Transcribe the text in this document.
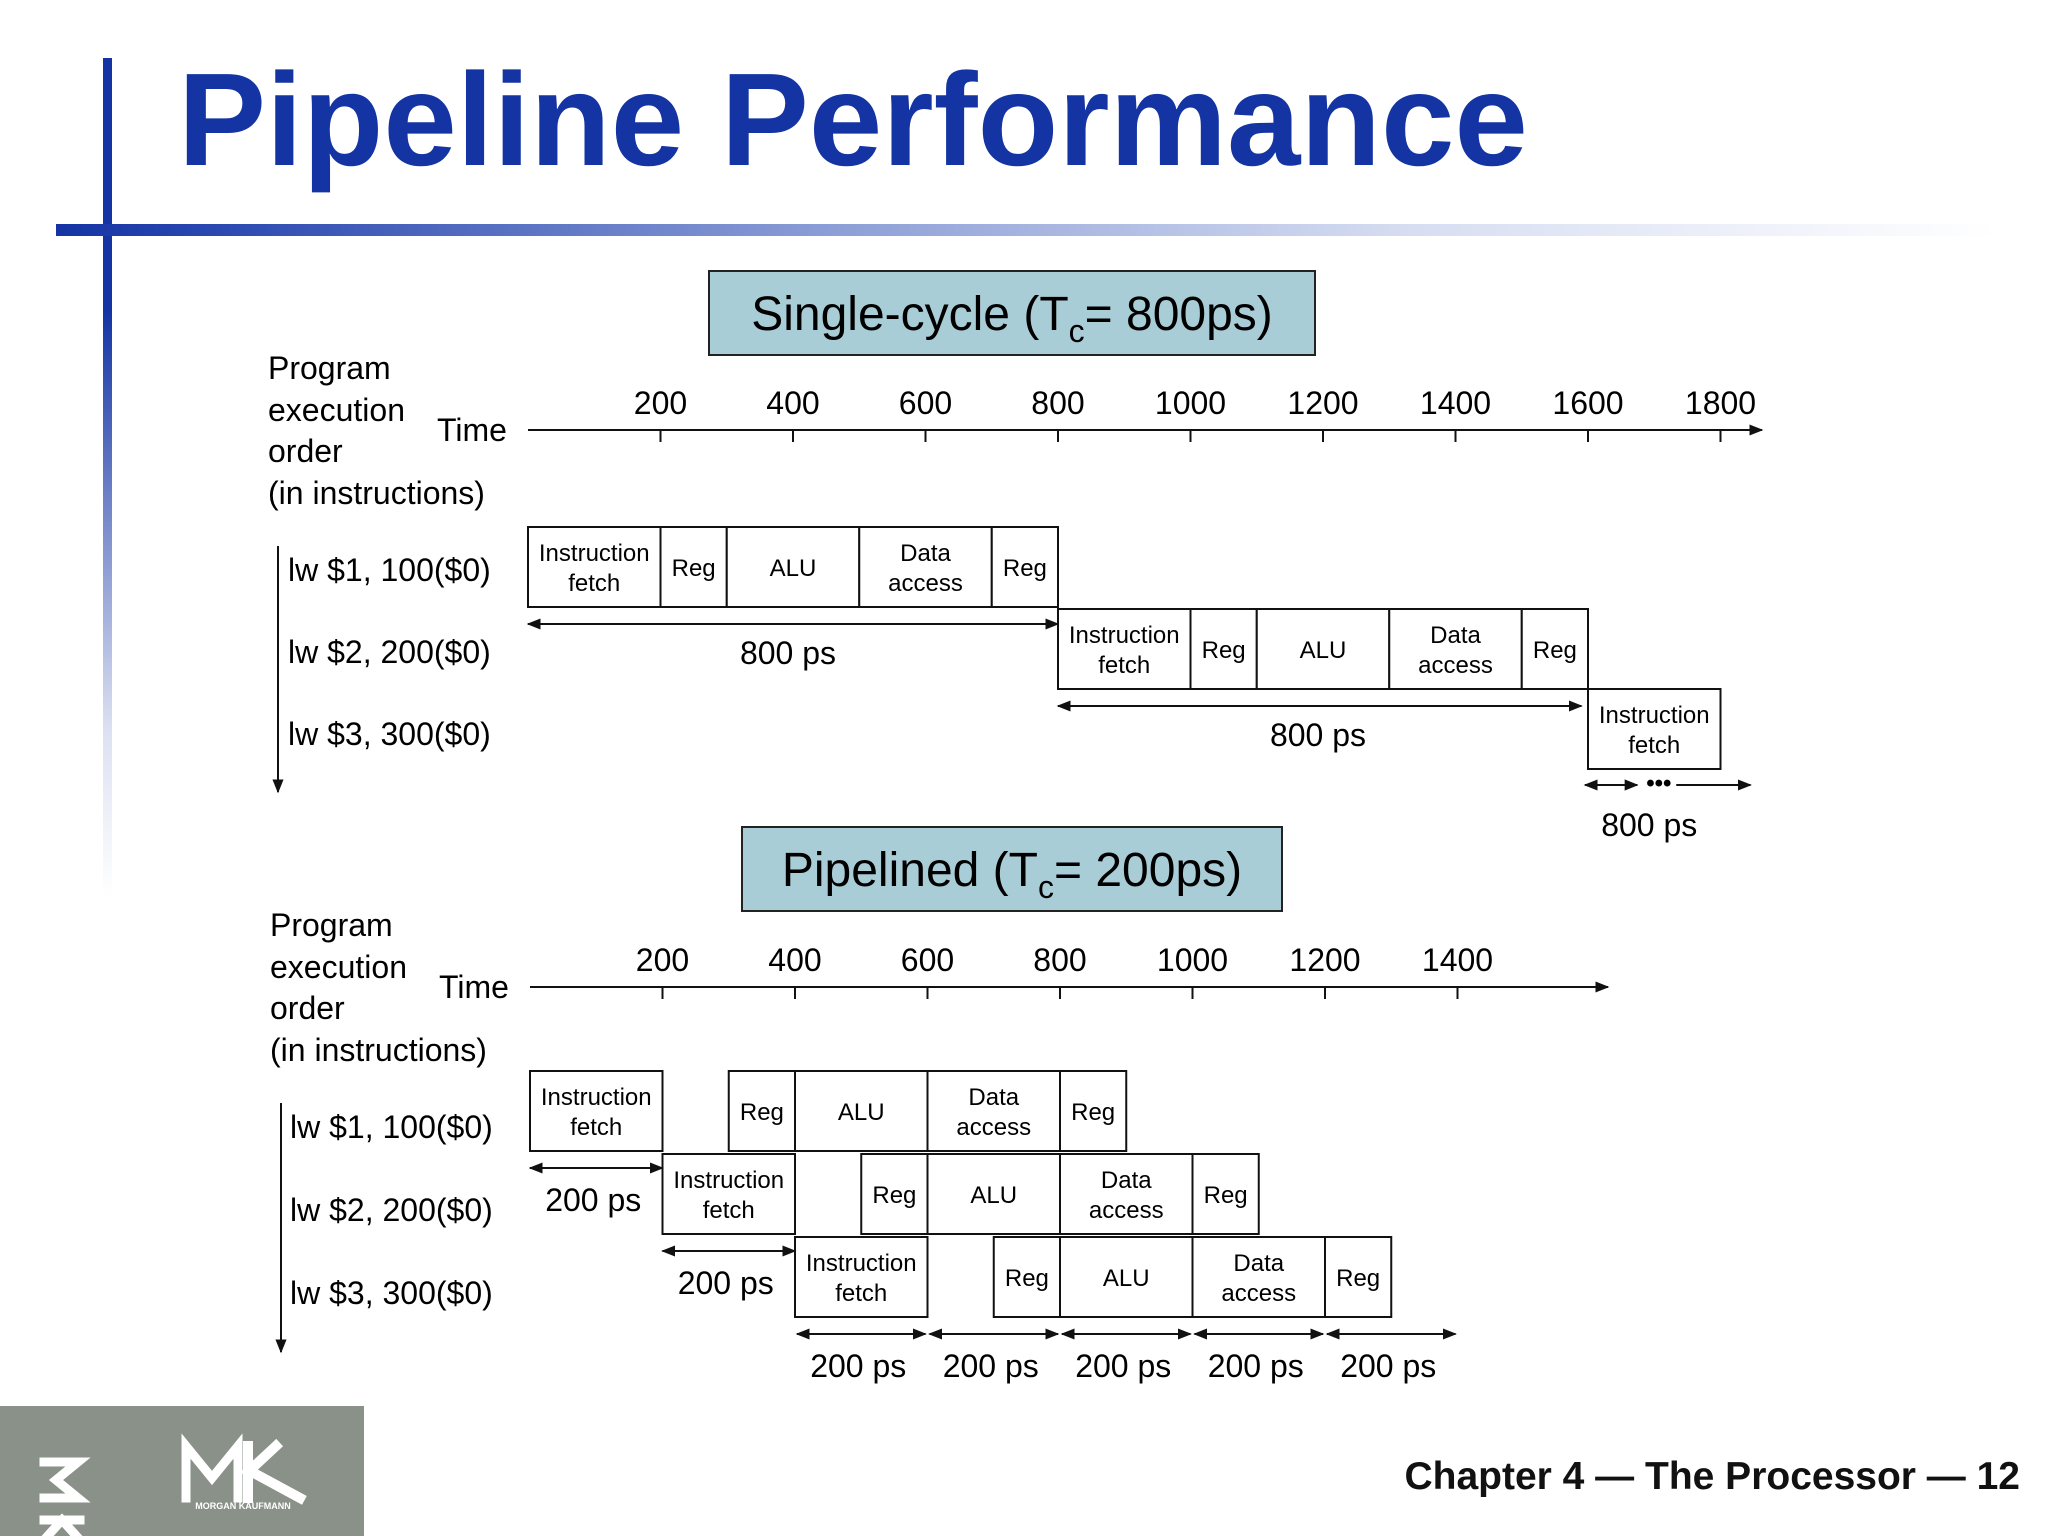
Pipeline Performance
Single-cycle $(T_c= 800ps)$
Program
execution
order
(in instructions)
Time
200 400 600 800 1000 1200 1400 1600 1800
lw $1, 100($0)
lw $2, 200($0)
lw $3, 300($0)
Instruction
fetch
Reg ALU
Data
access
Reg
Instruction
fetch
Reg ALU
Data
access
Reg
Instruction
fetch
800 ps
800 ps
•••
800 ps
Pipelined $(T_c= 200ps)$
Program
execution
order
(in instructions)
Time
200 400 600 800 1000 1200 1400
lw $1, 100($0)
lw $2, 200($0)
lw $3, 300($0)
Instruction
fetch
Reg ALU
Data
access
Reg
Instruction
fetch
Reg ALU
Data
access
Reg
Instruction
fetch
Reg ALU
Data
access
Reg
200 ps
200 ps
200 ps 200 ps 200 ps 200 ps 200 ps
MORGAN KAUFMANN
Chapter 4 — The Processor — 12
